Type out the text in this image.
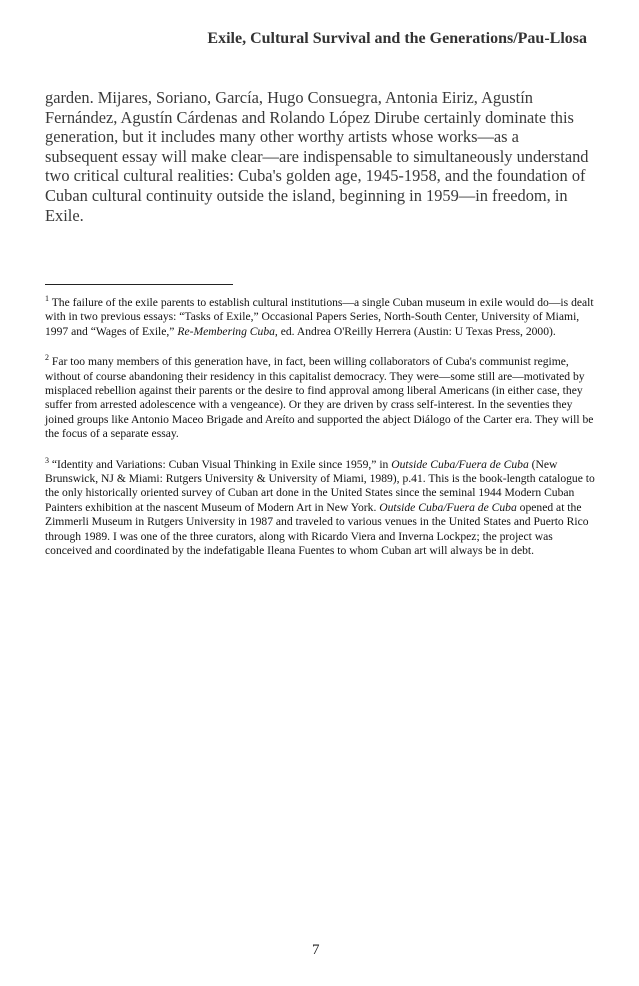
Exile, Cultural Survival and the Generations/Pau-Llosa

garden. Mijares, Soriano, García, Hugo Consuegra, Antonia Eiriz, Agustín Fernández, Agustín Cárdenas and Rolando López Dirube certainly dominate this generation, but it includes many other worthy artists whose works—as a subsequent essay will make clear—are indispensable to simultaneously understand two critical cultural realities: Cuba's golden age, 1945-1958, and the foundation of Cuban cultural continuity outside the island, beginning in 1959—in freedom, in Exile.

$^1$ The failure of the exile parents to establish cultural institutions—a single Cuban museum in exile would do—is dealt with in two previous essays: “Tasks of Exile,” Occasional Papers Series, North-South Center, University of Miami, 1997 and “Wages of Exile,” Re-Membering Cuba, ed. Andrea O'Reilly Herrera (Austin: U Texas Press, 2000).

$^2$ Far too many members of this generation have, in fact, been willing collaborators of Cuba's communist regime, without of course abandoning their residency in this capitalist democracy. They were—some still are—motivated by misplaced rebellion against their parents or the desire to find approval among liberal Americans (in either case, they suffer from arrested adolescence with a vengeance). Or they are driven by crass self-interest. In the seventies they joined groups like Antonio Maceo Brigade and Areíto and supported the abject Diálogo of the Carter era. They will be the focus of a separate essay.

$^3$ “Identity and Variations: Cuban Visual Thinking in Exile since 1959,” in Outside Cuba/Fuera de Cuba (New Brunswick, NJ & Miami: Rutgers University & University of Miami, 1989), p.41. This is the book-length catalogue to the only historically oriented survey of Cuban art done in the United States since the seminal 1944 Modern Cuban Painters exhibition at the nascent Museum of Modern Art in New York. Outside Cuba/Fuera de Cuba opened at the Zimmerli Museum in Rutgers University in 1987 and traveled to various venues in the United States and Puerto Rico through 1989. I was one of the three curators, along with Ricardo Viera and Inverna Lockpez; the project was conceived and coordinated by the indefatigable Ileana Fuentes to whom Cuban art will always be in debt.

7
